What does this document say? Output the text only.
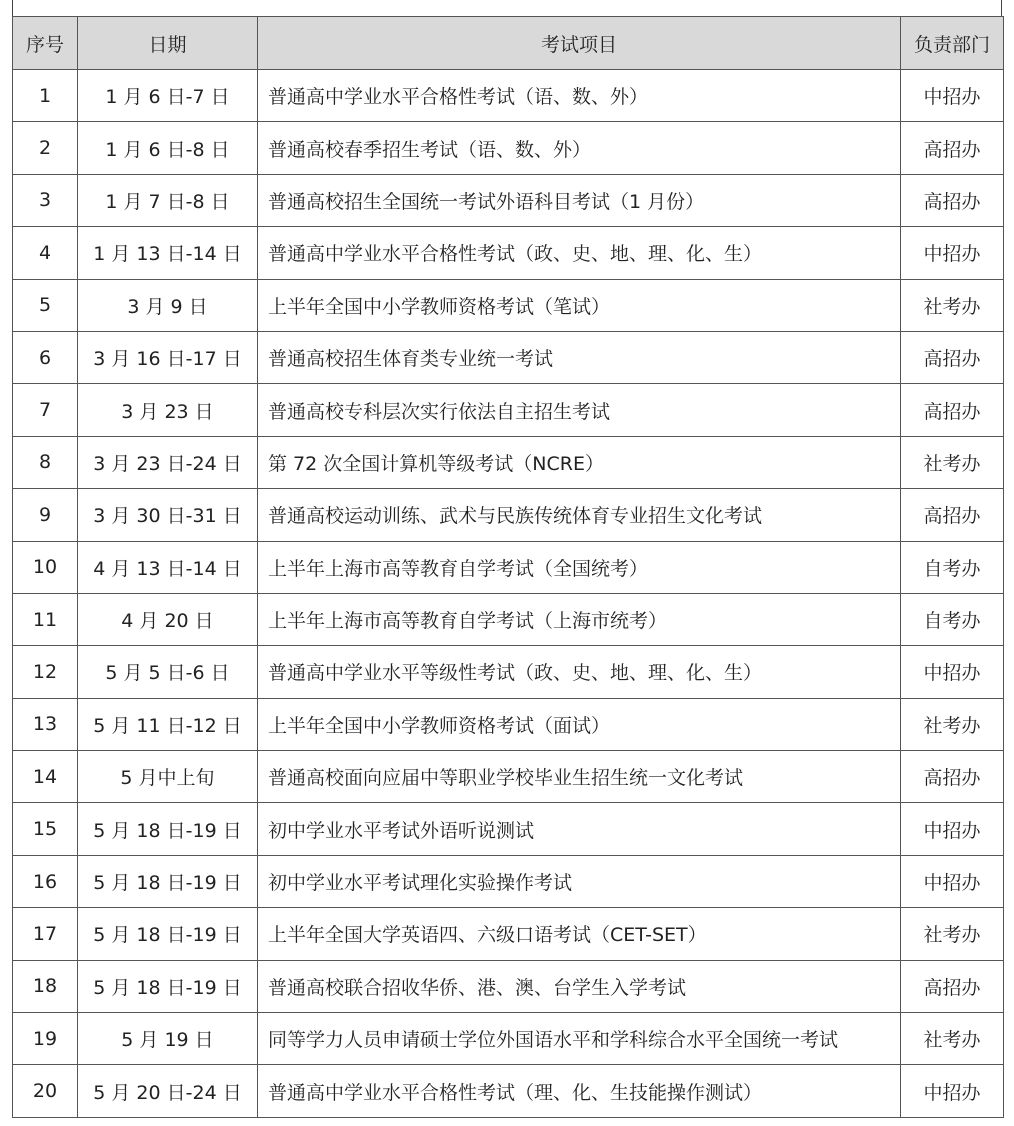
序号	日期	考试项目	负责部门
1	1 月 6 日-7 日	普通高中学业水平合格性考试（语、数、外）	中招办
2	1 月 6 日-8 日	普通高校春季招生考试（语、数、外）	高招办
3	1 月 7 日-8 日	普通高校招生全国统一考试外语科目考试（1 月份）	高招办
4	1 月 13 日-14 日	普通高中学业水平合格性考试（政、史、地、理、化、生）	中招办
5	3 月 9 日	上半年全国中小学教师资格考试（笔试）	社考办
6	3 月 16 日-17 日	普通高校招生体育类专业统一考试	高招办
7	3 月 23 日	普通高校专科层次实行依法自主招生考试	高招办
8	3 月 23 日-24 日	第 72 次全国计算机等级考试（NCRE）	社考办
9	3 月 30 日-31 日	普通高校运动训练、武术与民族传统体育专业招生文化考试	高招办
10	4 月 13 日-14 日	上半年上海市高等教育自学考试（全国统考）	自考办
11	4 月 20 日	上半年上海市高等教育自学考试（上海市统考）	自考办
12	5 月 5 日-6 日	普通高中学业水平等级性考试（政、史、地、理、化、生）	中招办
13	5 月 11 日-12 日	上半年全国中小学教师资格考试（面试）	社考办
14	5 月中上旬	普通高校面向应届中等职业学校毕业生招生统一文化考试	高招办
15	5 月 18 日-19 日	初中学业水平考试外语听说测试	中招办
16	5 月 18 日-19 日	初中学业水平考试理化实验操作考试	中招办
17	5 月 18 日-19 日	上半年全国大学英语四、六级口语考试（CET-SET）	社考办
18	5 月 18 日-19 日	普通高校联合招收华侨、港、澳、台学生入学考试	高招办
19	5 月 19 日	同等学力人员申请硕士学位外国语水平和学科综合水平全国统一考试	社考办
20	5 月 20 日-24 日	普通高中学业水平合格性考试（理、化、生技能操作测试）	中招办
